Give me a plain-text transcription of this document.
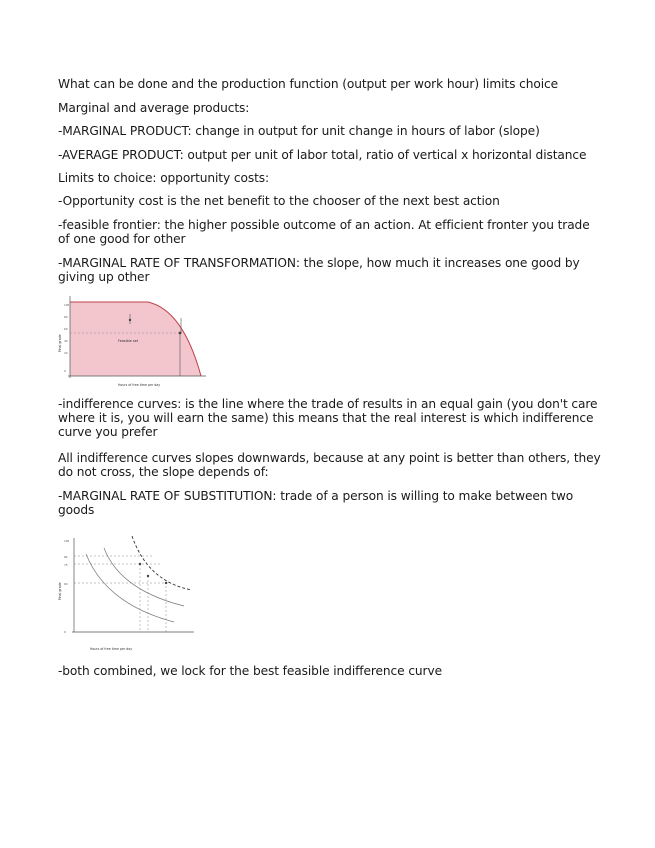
What can be done and the production function (output per work hour) limits choice

Marginal and average products:

-MARGINAL PRODUCT: change in output for unit change in hours of labor (slope)

-AVERAGE PRODUCT: output per unit of labor total, ratio of vertical x horizontal distance

Limits to choice: opportunity costs:

-Opportunity cost is the net benefit to the chooser of the next best action

-feasible frontier: the higher possible outcome of an action. At efficient fronter you trade of one good for other

-MARGINAL RATE OF TRANSFORMATION: the slope, how much it increases one good by giving up other

100
80
60
40
20
0
Feasible set
Hours of free time per day
Final grade

-indifference curves: is the line where the trade of results in an equal gain (you don't care where it is, you will earn the same) this means that the real interest is which indifference curve you prefer

All indifference curves slopes downwards, because at any point is better than others, they do not cross, the slope depends of:

-MARGINAL RATE OF SUBSTITUTION: trade of a person is willing to make between two goods

100
84
75
60
0
Hours of free time per day
Final grade

-both combined, we lock for the best feasible indifference curve
